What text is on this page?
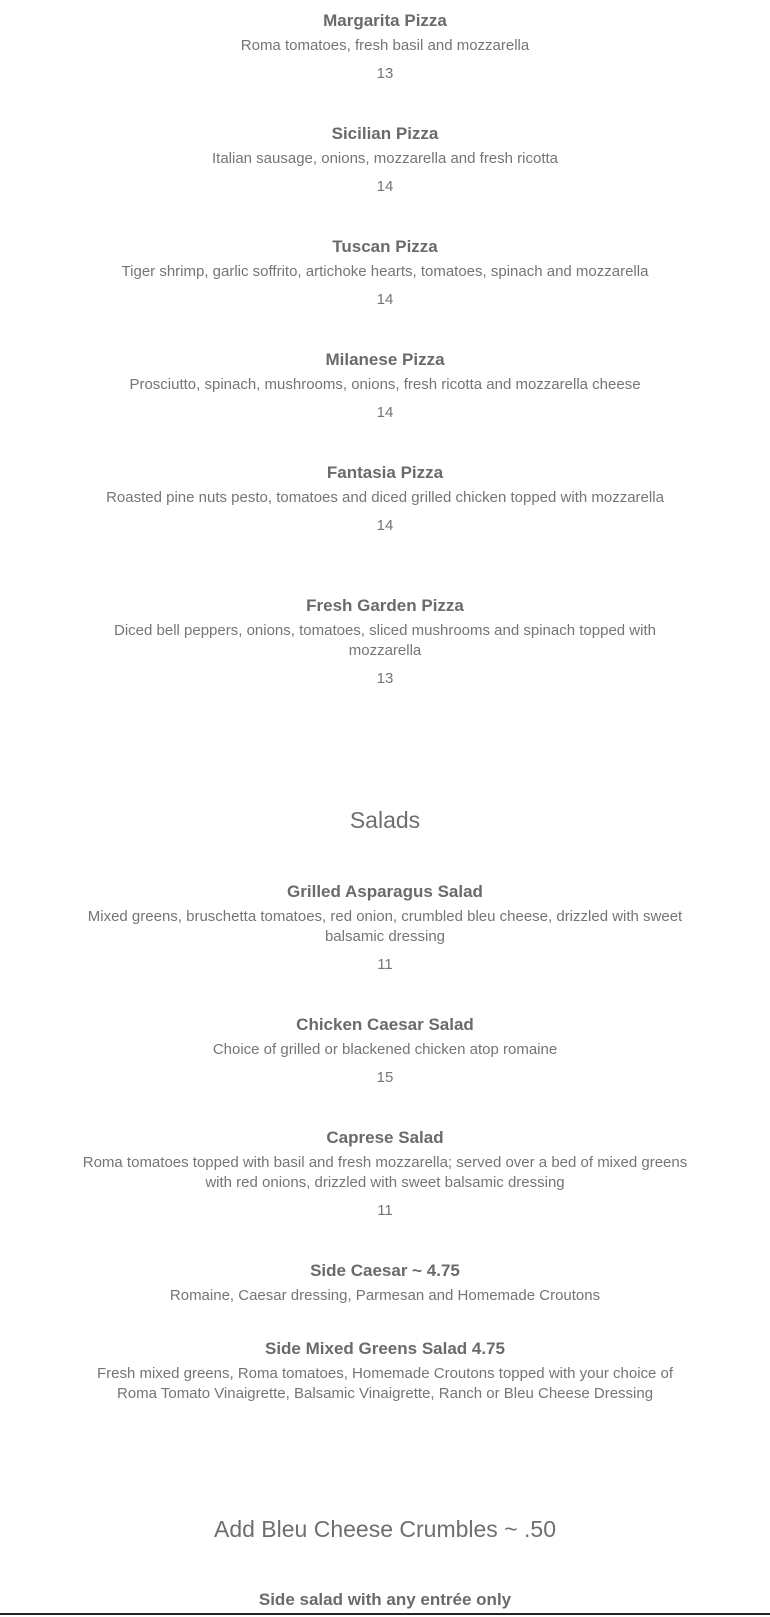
Margarita Pizza

Roma tomatoes, fresh basil and mozzarella

13

Sicilian Pizza

Italian sausage, onions, mozzarella and fresh ricotta

14

Tuscan Pizza

Tiger shrimp, garlic soffrito, artichoke hearts, tomatoes, spinach and mozzarella

14

Milanese Pizza

Prosciutto, spinach, mushrooms, onions, fresh ricotta and mozzarella cheese

14

Fantasia Pizza

Roasted pine nuts pesto, tomatoes and diced grilled chicken topped with mozzarella

14

Fresh Garden Pizza

Diced bell peppers, onions, tomatoes, sliced mushrooms and spinach topped with mozzarella

13

Salads

Grilled Asparagus Salad

Mixed greens, bruschetta tomatoes, red onion, crumbled bleu cheese, drizzled with sweet balsamic dressing

11

Chicken Caesar Salad

Choice of grilled or blackened chicken atop romaine

15

Caprese Salad

Roma tomatoes topped with basil and fresh mozzarella; served over a bed of mixed greens with red onions, drizzled with sweet balsamic dressing

11

Side Caesar ~ 4.75

Romaine, Caesar dressing, Parmesan and Homemade Croutons

Side Mixed Greens Salad 4.75

Fresh mixed greens, Roma tomatoes, Homemade Croutons topped with your choice of Roma Tomato Vinaigrette, Balsamic Vinaigrette, Ranch or Bleu Cheese Dressing

Add Bleu Cheese Crumbles ~ .50
Side salad with any entrée only
